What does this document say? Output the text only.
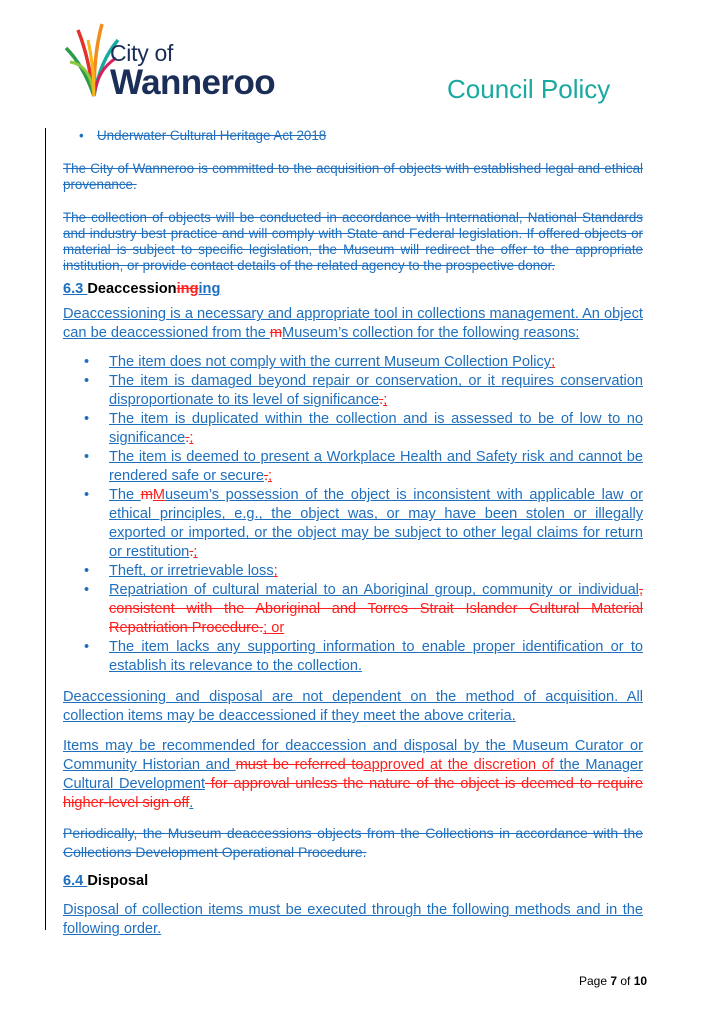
City of
Wanneroo	Council Policy
• Underwater Cultural Heritage Act 2018

The City of Wanneroo is committed to the acquisition of objects with established legal and ethical provenance.

The collection of objects will be conducted in accordance with International, National Standards and industry best practice and will comply with State and Federal legislation. If offered objects or material is subject to specific legislation, the Museum will redirect the offer to the appropriate institution, or provide contact details of the related agency to the prospective donor.

6.3 Deaccessioninging

Deaccessioning is a necessary and appropriate tool in collections management. An object can be deaccessioned from the mMuseum’s collection for the following reasons:

• The item does not comply with the current Museum Collection Policy;
• The item is damaged beyond repair or conservation, or it requires conservation disproportionate to its level of significance.;
• The item is duplicated within the collection and is assessed to be of low to no significance.;
• The item is deemed to present a Workplace Health and Safety risk and cannot be rendered safe or secure.;
• The mMuseum’s possession of the object is inconsistent with applicable law or ethical principles, e.g., the object was, or may have been stolen or illegally exported or imported, or the object may be subject to other legal claims for return or restitution.;
• Theft, or irretrievable loss;
• Repatriation of cultural material to an Aboriginal group, community or individual, consistent with the Aboriginal and Torres Strait Islander Cultural Material Repatriation Procedure.; or
• The item lacks any supporting information to enable proper identification or to establish its relevance to the collection.

Deaccessioning and disposal are not dependent on the method of acquisition. All collection items may be deaccessioned if they meet the above criteria.

Items may be recommended for deaccession and disposal by the Museum Curator or Community Historian and must be referred toapproved at the discretion of the Manager Cultural Development for approval unless the nature of the object is deemed to require higher-level sign off.

Periodically, the Museum deaccessions objects from the Collections in accordance with the Collections Development Operational Procedure.

6.4 Disposal

Disposal of collection items must be executed through the following methods and in the following order.

Page 7 of 10
